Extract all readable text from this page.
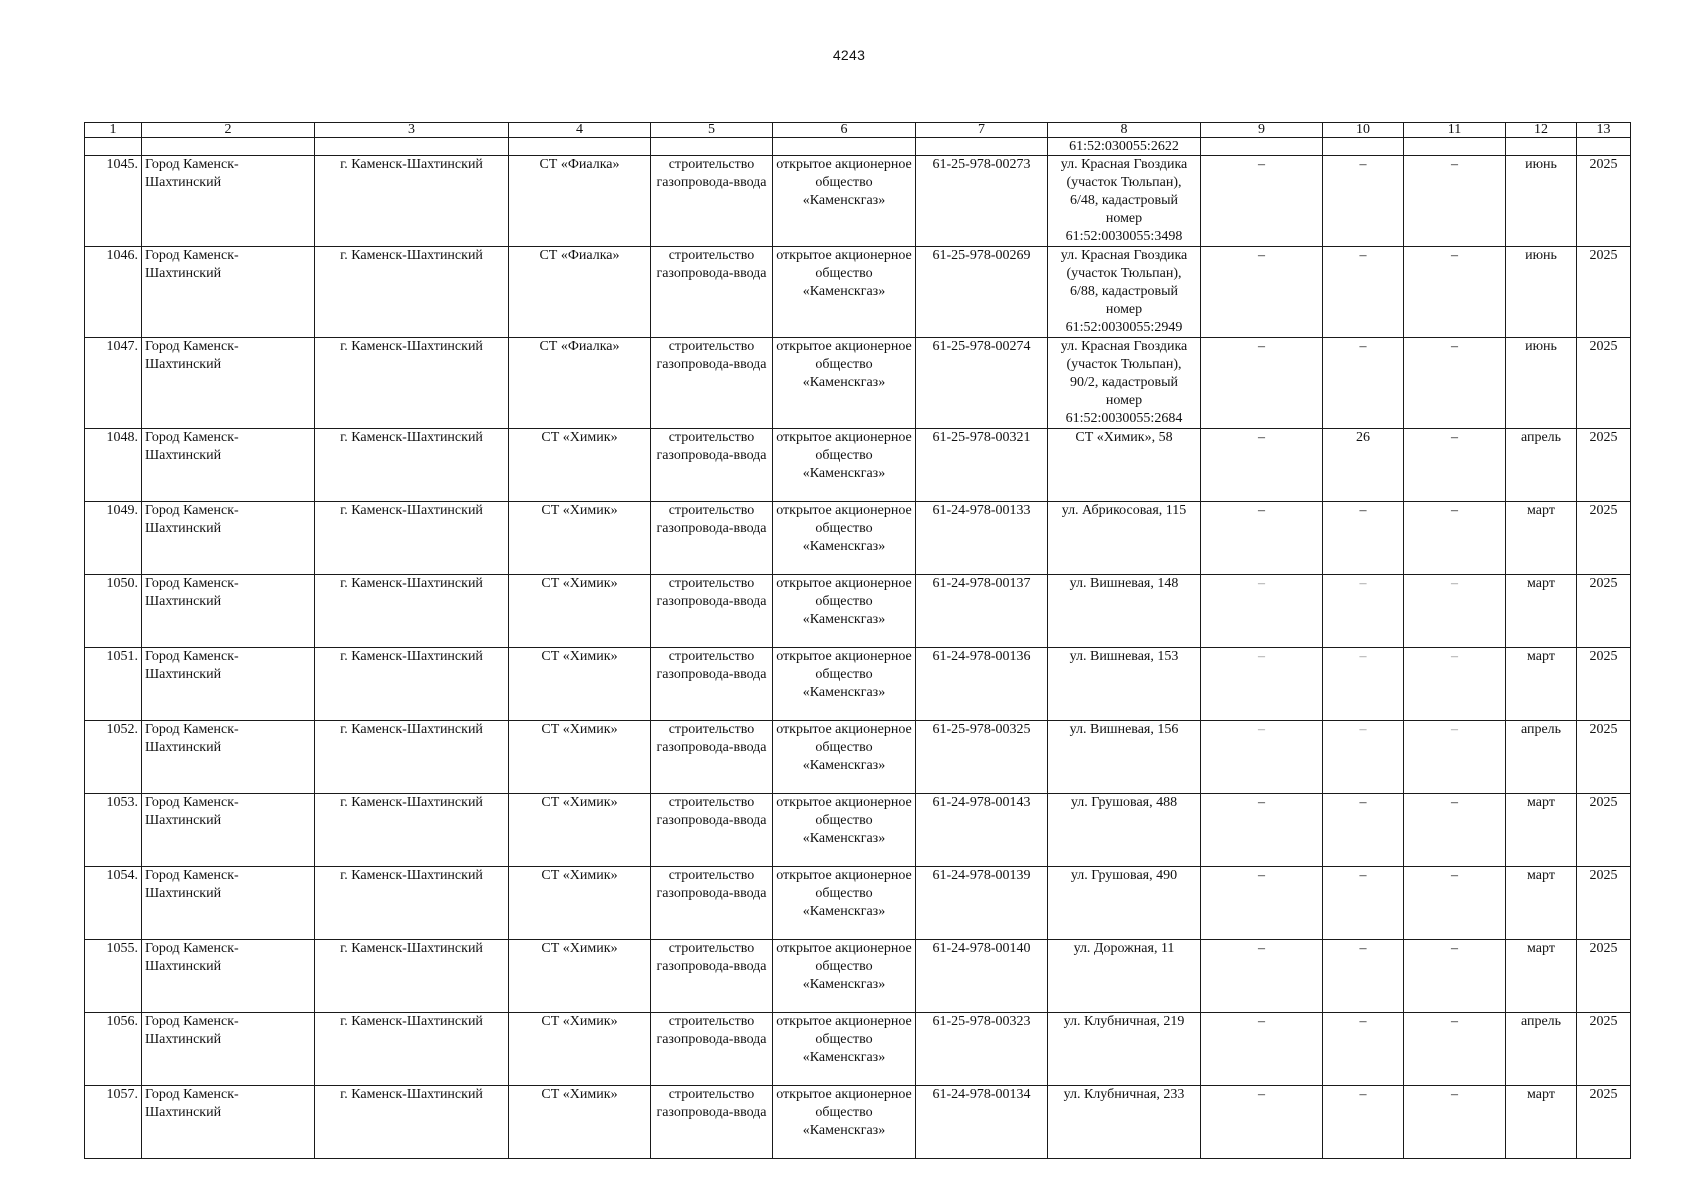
4243
1	2	3	4	5	6	7	8	9	10	11	12	13
							61:52:030055:2622					
1045.	Город Каменск-Шахтинский	г. Каменск-Шахтинский	СТ «Фиалка»	строительство газопровода-ввода	открытое акционерное общество «Каменскгаз»	61-25-978-00273	ул. Красная Гвоздика (участок Тюльпан), 6/48, кадастровый номер 61:52:0030055:3498	–	–	–	июнь	2025
1046.	Город Каменск-Шахтинский	г. Каменск-Шахтинский	СТ «Фиалка»	строительство газопровода-ввода	открытое акционерное общество «Каменскгаз»	61-25-978-00269	ул. Красная Гвоздика (участок Тюльпан), 6/88, кадастровый номер 61:52:0030055:2949	–	–	–	июнь	2025
1047.	Город Каменск-Шахтинский	г. Каменск-Шахтинский	СТ «Фиалка»	строительство газопровода-ввода	открытое акционерное общество «Каменскгаз»	61-25-978-00274	ул. Красная Гвоздика (участок Тюльпан), 90/2, кадастровый номер 61:52:0030055:2684	–	–	–	июнь	2025
1048.	Город Каменск-Шахтинский	г. Каменск-Шахтинский	СТ «Химик»	строительство газопровода-ввода	открытое акционерное общество «Каменскгаз»	61-25-978-00321	СТ «Химик», 58	–	26	–	апрель	2025
1049.	Город Каменск-Шахтинский	г. Каменск-Шахтинский	СТ «Химик»	строительство газопровода-ввода	открытое акционерное общество «Каменскгаз»	61-24-978-00133	ул. Абрикосовая, 115	–	–	–	март	2025
1050.	Город Каменск-Шахтинский	г. Каменск-Шахтинский	СТ «Химик»	строительство газопровода-ввода	открытое акционерное общество «Каменскгаз»	61-24-978-00137	ул. Вишневая, 148	–	–	–	март	2025
1051.	Город Каменск-Шахтинский	г. Каменск-Шахтинский	СТ «Химик»	строительство газопровода-ввода	открытое акционерное общество «Каменскгаз»	61-24-978-00136	ул. Вишневая, 153	–	–	–	март	2025
1052.	Город Каменск-Шахтинский	г. Каменск-Шахтинский	СТ «Химик»	строительство газопровода-ввода	открытое акционерное общество «Каменскгаз»	61-25-978-00325	ул. Вишневая, 156	–	–	–	апрель	2025
1053.	Город Каменск-Шахтинский	г. Каменск-Шахтинский	СТ «Химик»	строительство газопровода-ввода	открытое акционерное общество «Каменскгаз»	61-24-978-00143	ул. Грушовая, 488	–	–	–	март	2025
1054.	Город Каменск-Шахтинский	г. Каменск-Шахтинский	СТ «Химик»	строительство газопровода-ввода	открытое акционерное общество «Каменскгаз»	61-24-978-00139	ул. Грушовая, 490	–	–	–	март	2025
1055.	Город Каменск-Шахтинский	г. Каменск-Шахтинский	СТ «Химик»	строительство газопровода-ввода	открытое акционерное общество «Каменскгаз»	61-24-978-00140	ул. Дорожная, 11	–	–	–	март	2025
1056.	Город Каменск-Шахтинский	г. Каменск-Шахтинский	СТ «Химик»	строительство газопровода-ввода	открытое акционерное общество «Каменскгаз»	61-25-978-00323	ул. Клубничная, 219	–	–	–	апрель	2025
1057.	Город Каменск-Шахтинский	г. Каменск-Шахтинский	СТ «Химик»	строительство газопровода-ввода	открытое акционерное общество «Каменскгаз»	61-24-978-00134	ул. Клубничная, 233	–	–	–	март	2025
